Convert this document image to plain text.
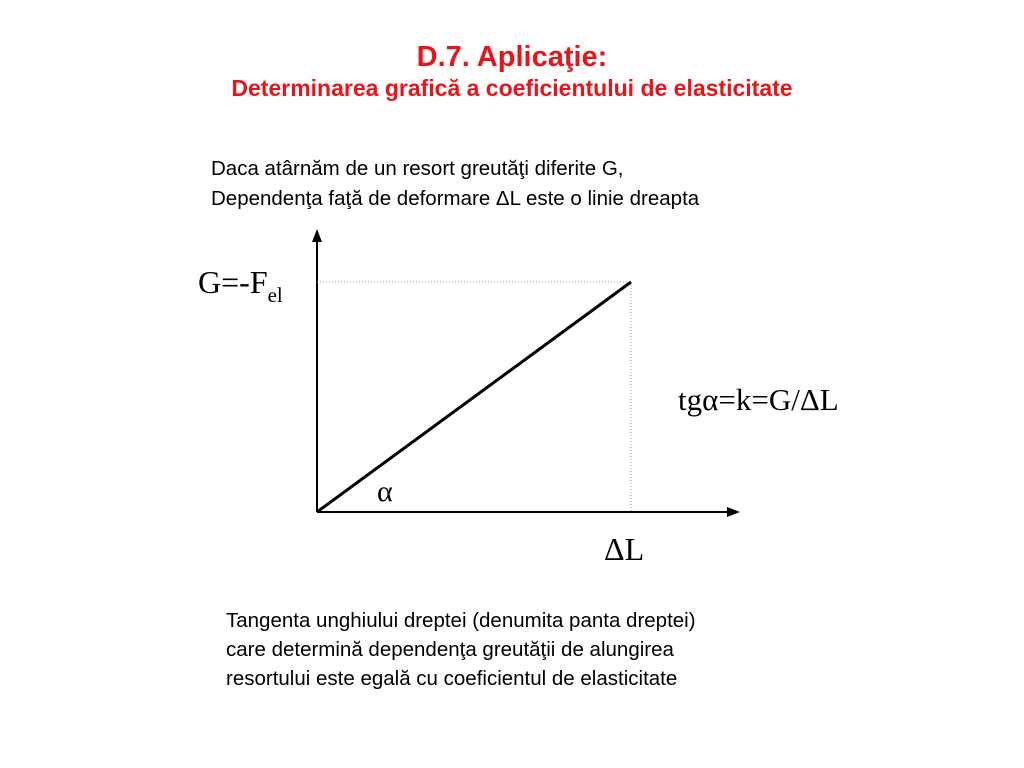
D.7. Aplicaţie:
Determinarea grafică a coeficientului de elasticitate
Daca atârnăm de un resort greutăţi diferite G,
Dependenţa faţă de deformare ΔL este o linie dreapta
$G=-F_{el}$
α
ΔL
tgα=k=G/ΔL
Tangenta unghiului dreptei (denumita panta dreptei)
care determină dependenţa greutăţii de alungirea
resortului este egală cu coeficientul de elasticitate
